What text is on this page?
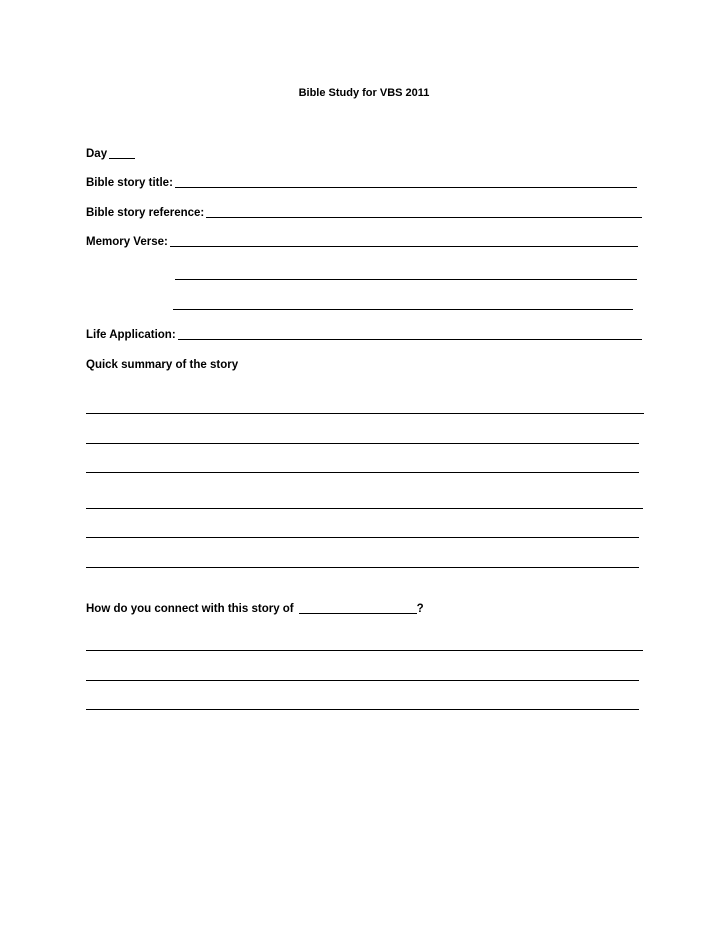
Bible Study for VBS 2011
Day
Bible story title:
Bible story reference:
Memory Verse:
Life Application:
Quick summary of the story
How do you connect with this story of	?
